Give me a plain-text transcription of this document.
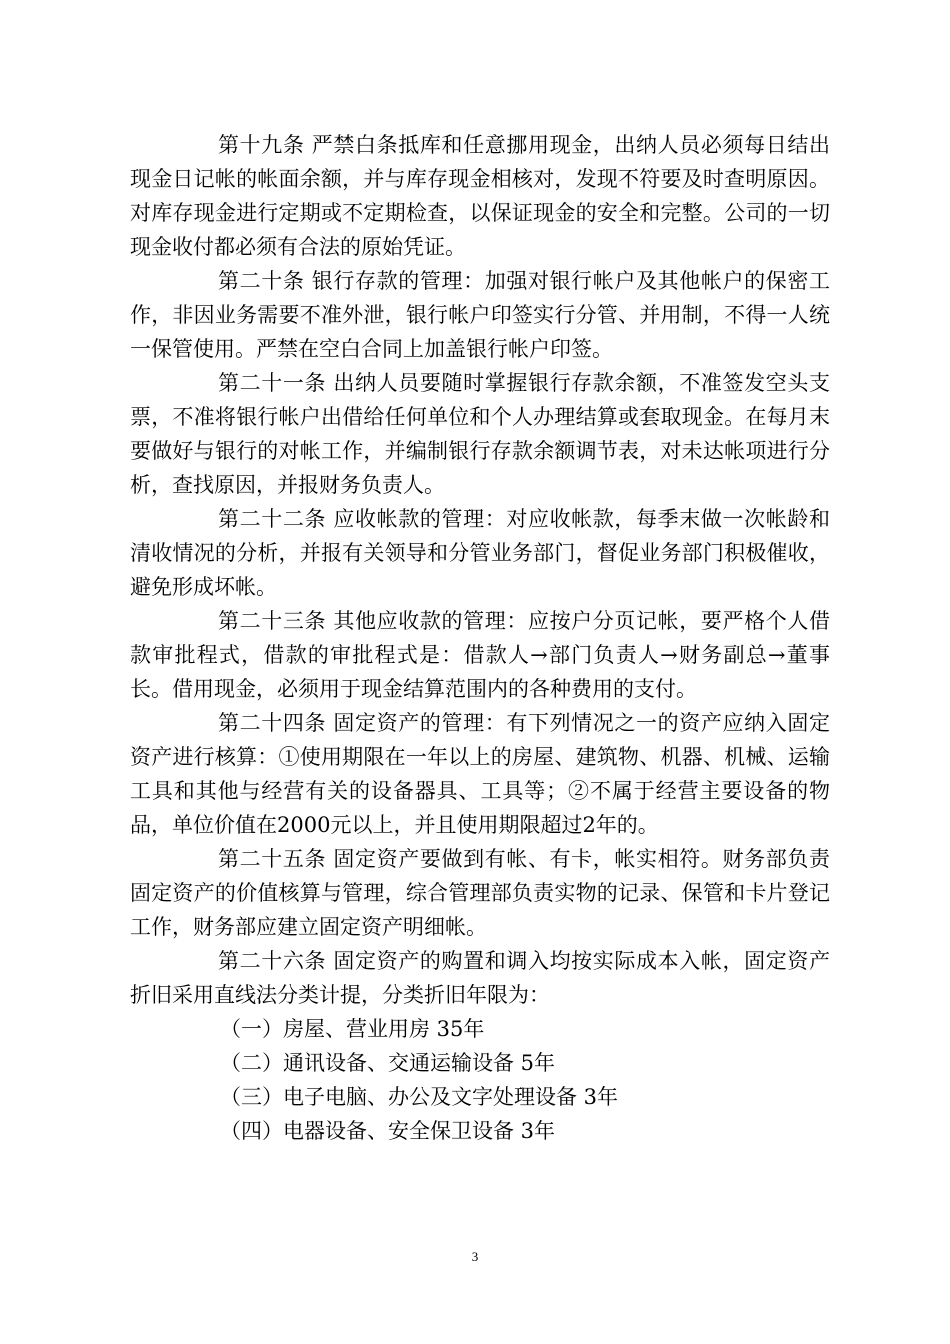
第十九条 严禁白条抵库和任意挪用现金，出纳人员必须每日结出现金日记帐的帐面余额，并与库存现金相核对，发现不符要及时查明原因。对库存现金进行定期或不定期检查，以保证现金的安全和完整。公司的一切现金收付都必须有合法的原始凭证。

第二十条 银行存款的管理：加强对银行帐户及其他帐户的保密工作，非因业务需要不准外泄，银行帐户印签实行分管、并用制，不得一人统一保管使用。严禁在空白合同上加盖银行帐户印签。

第二十一条 出纳人员要随时掌握银行存款余额，不准签发空头支票，不准将银行帐户出借给任何单位和个人办理结算或套取现金。在每月末要做好与银行的对帐工作，并编制银行存款余额调节表，对未达帐项进行分析，查找原因，并报财务负责人。

第二十二条 应收帐款的管理：对应收帐款，每季末做一次帐龄和清收情况的分析，并报有关领导和分管业务部门，督促业务部门积极催收，避免形成坏帐。

第二十三条 其他应收款的管理：应按户分页记帐，要严格个人借款审批程式，借款的审批程式是：借款人→部门负责人→财务副总→董事长。借用现金，必须用于现金结算范围内的各种费用的支付。

第二十四条 固定资产的管理：有下列情况之一的资产应纳入固定资产进行核算：①使用期限在一年以上的房屋、建筑物、机器、机械、运输工具和其他与经营有关的设备器具、工具等；②不属于经营主要设备的物品，单位价值在2000元以上，并且使用期限超过2年的。

第二十五条 固定资产要做到有帐、有卡，帐实相符。财务部负责固定资产的价值核算与管理，综合管理部负责实物的记录、保管和卡片登记工作，财务部应建立固定资产明细帐。

第二十六条 固定资产的购置和调入均按实际成本入帐，固定资产折旧采用直线法分类计提，分类折旧年限为：

（一）房屋、营业用房 35年

（二）通讯设备、交通运输设备 5年

（三）电子电脑、办公及文字处理设备 3年

（四）电器设备、安全保卫设备 3年

3
